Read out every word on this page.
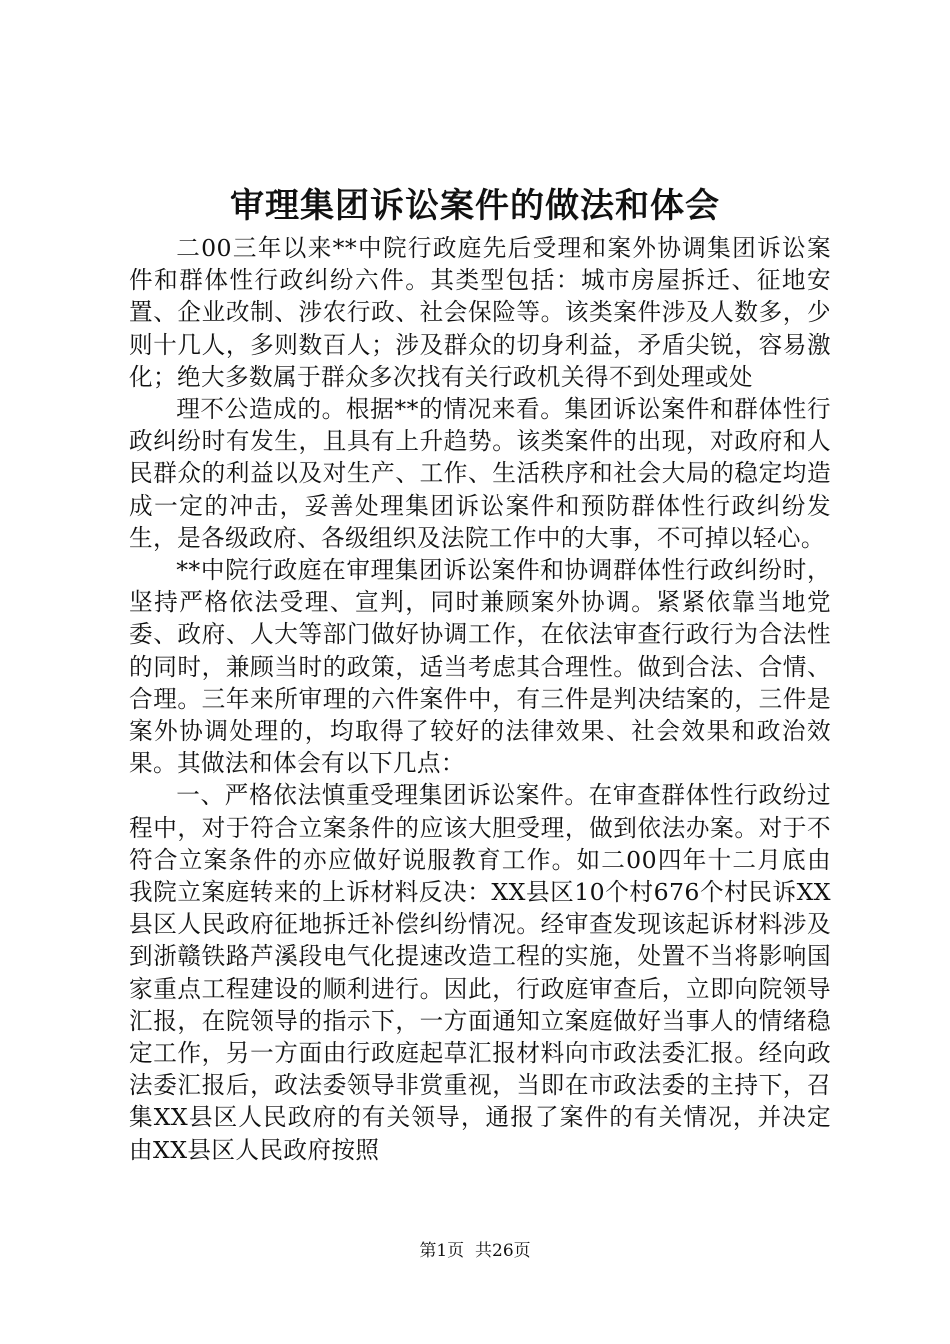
审理集团诉讼案件的做法和体会

二00三年以来**中院行政庭先后受理和案外协调集团诉讼案件和群体性行政纠纷六件。其类型包括：城市房屋拆迁、征地安置、企业改制、涉农行政、社会保险等。该类案件涉及人数多，少则十几人，多则数百人；涉及群众的切身利益，矛盾尖锐，容易激化；绝大多数属于群众多次找有关行政机关得不到处理或处

理不公造成的。根据**的情况来看。集团诉讼案件和群体性行政纠纷时有发生，且具有上升趋势。该类案件的出现，对政府和人民群众的利益以及对生产、工作、生活秩序和社会大局的稳定均造成一定的冲击，妥善处理集团诉讼案件和预防群体性行政纠纷发生，是各级政府、各级组织及法院工作中的大事，不可掉以轻心。

**中院行政庭在审理集团诉讼案件和协调群体性行政纠纷时，坚持严格依法受理、宣判，同时兼顾案外协调。紧紧依靠当地党委、政府、人大等部门做好协调工作，在依法审查行政行为合法性的同时，兼顾当时的政策，适当考虑其合理性。做到合法、合情、合理。三年来所审理的六件案件中，有三件是判决结案的，三件是案外协调处理的，均取得了较好的法律效果、社会效果和政治效果。其做法和体会有以下几点：

一、严格依法慎重受理集团诉讼案件。在审查群体性行政纷过程中，对于符合立案条件的应该大胆受理，做到依法办案。对于不符合立案条件的亦应做好说服教育工作。如二00四年十二月底由我院立案庭转来的上诉材料反决：XX县区10个村676个村民诉XX县区人民政府征地拆迁补偿纠纷情况。经审查发现该起诉材料涉及到浙赣铁路芦溪段电气化提速改造工程的实施，处置不当将影响国家重点工程建设的顺利进行。因此，行政庭审查后，立即向院领导汇报，在院领导的指示下，一方面通知立案庭做好当事人的情绪稳定工作，另一方面由行政庭起草汇报材料向市政法委汇报。经向政法委汇报后，政法委领导非赏重视，当即在市政法委的主持下，召集XX县区人民政府的有关领导，通报了案件的有关情况，并决定由XX县区人民政府按照

第1页 共26页
